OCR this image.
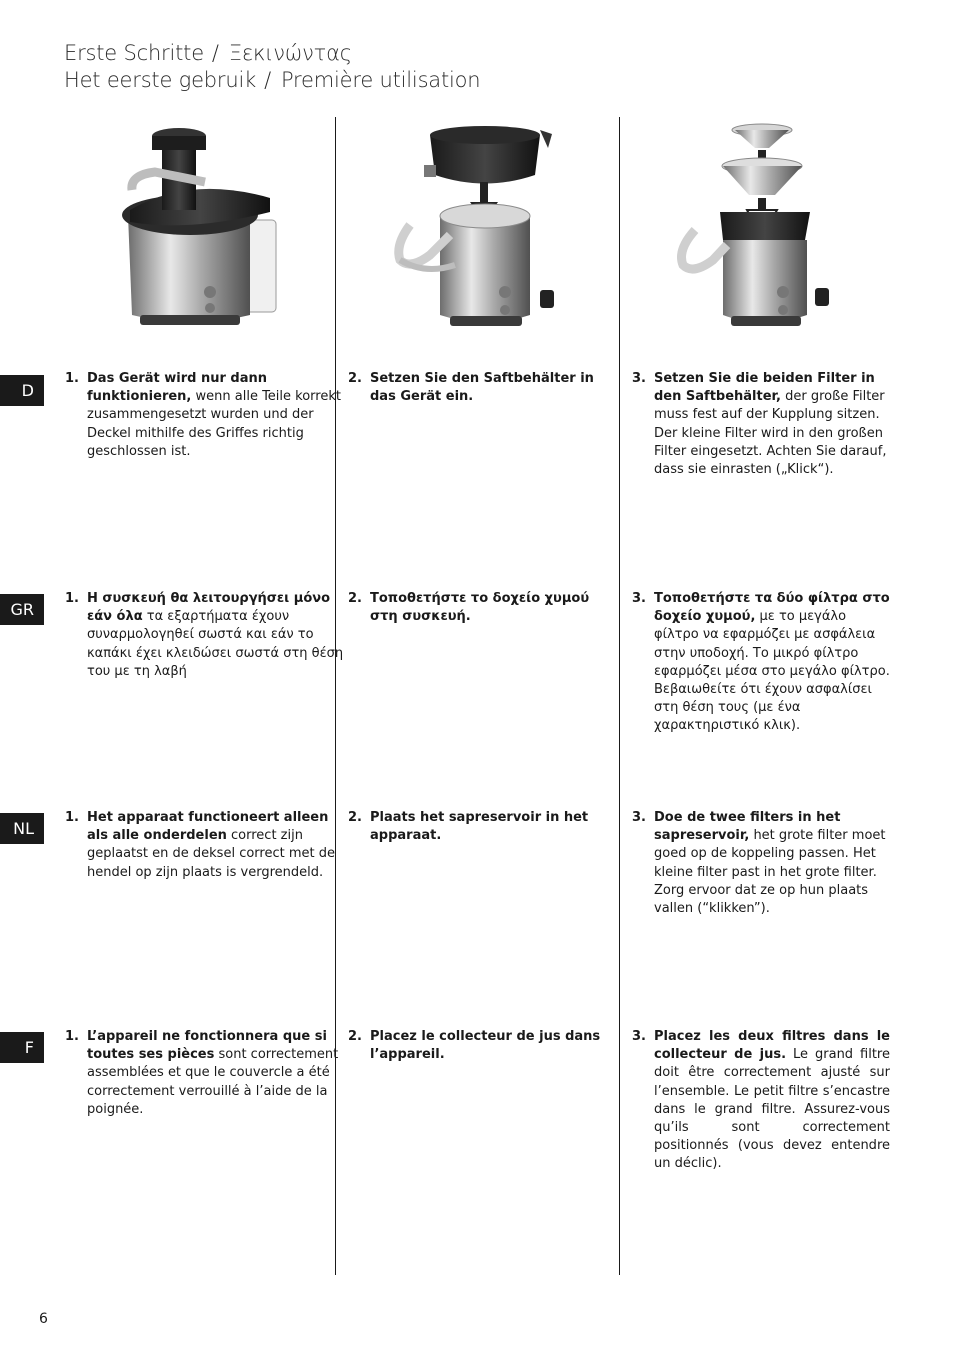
Erste Schritte / Ξεκινώντας
Het eerste gebruik / Première utilisation
D
1. Das Gerät wird nur dann funktionieren, wenn alle Teile korrekt zusammengesetzt wurden und der Deckel mithilfe des Griffes richtig geschlossen ist.
2. Setzen Sie den Saftbehälter in das Gerät ein.
3. Setzen Sie die beiden Filter in den Saftbehälter, der große Filter muss fest auf der Kupplung sitzen. Der kleine Filter wird in den großen Filter eingesetzt. Achten Sie darauf, dass sie einrasten („Klick“).
GR
1. Η συσκευή θα λειτουργήσει μόνο εάν όλα τα εξαρτήματα έχουν συναρμολογηθεί σωστά και εάν το καπάκι έχει κλειδώσει σωστά στη θέση του με τη λαβή
2. Τοποθετήστε το δοχείο χυμού στη συσκευή.
3. Τοποθετήστε τα δύο φίλτρα στο δοχείο χυμού, με το μεγάλο φίλτρο να εφαρμόζει με ασφάλεια στην υποδοχή. Το μικρό φίλτρο εφαρμόζει μέσα στο μεγάλο φίλτρο. Βεβαιωθείτε ότι έχουν ασφαλίσει στη θέση τους (με ένα χαρακτηριστικό κλικ).
NL
1. Het apparaat functioneert alleen als alle onderdelen correct zijn geplaatst en de deksel correct met de hendel op zijn plaats is vergrendeld.
2. Plaats het sapreservoir in het apparaat.
3. Doe de twee filters in het sapreservoir, het grote filter moet goed op de koppeling passen. Het kleine filter past in het grote filter. Zorg ervoor dat ze op hun plaats vallen (“klikken”).
F
1. L’appareil ne fonctionnera que si toutes ses pièces sont correctement assemblées et que le couvercle a été correctement verrouillé à l’aide de la poignée.
2. Placez le collecteur de jus dans l’appareil.
3. Placez les deux filtres dans le collecteur de jus. Le grand filtre doit être correctement ajusté sur l’ensemble. Le petit filtre s’encastre dans le grand filtre. Assurez-vous qu’ils sont correctement positionnés (vous devez entendre un déclic).
6
